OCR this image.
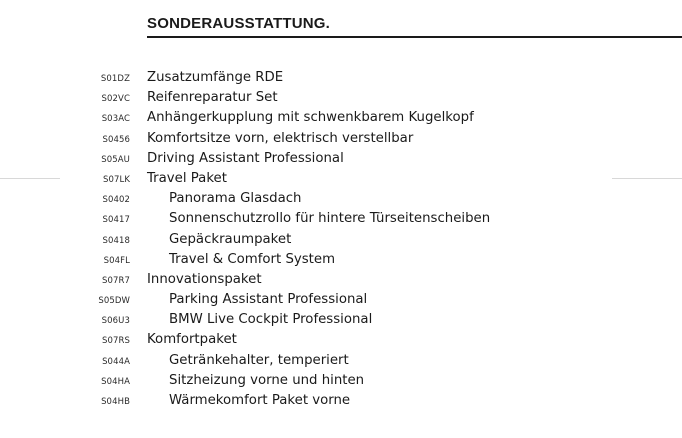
SONDERAUSSTATTUNG.
S01DZ Zusatzumfänge RDE
S02VC Reifenreparatur Set
S03AC Anhängerkupplung mit schwenkbarem Kugelkopf
S0456 Komfortsitze vorn, elektrisch verstellbar
S05AU Driving Assistant Professional
S07LK Travel Paket
S0402	Panorama Glasdach
S0417	Sonnenschutzrollo für hintere Türseitenscheiben
S0418	Gepäckraumpaket
S04FL	Travel & Comfort System
S07R7 Innovationspaket
S05DW	Parking Assistant Professional
S06U3	BMW Live Cockpit Professional
S07RS Komfortpaket
S044A	Getränkehalter, temperiert
S04HA	Sitzheizung vorne und hinten
S04HB	Wärmekomfort Paket vorne
